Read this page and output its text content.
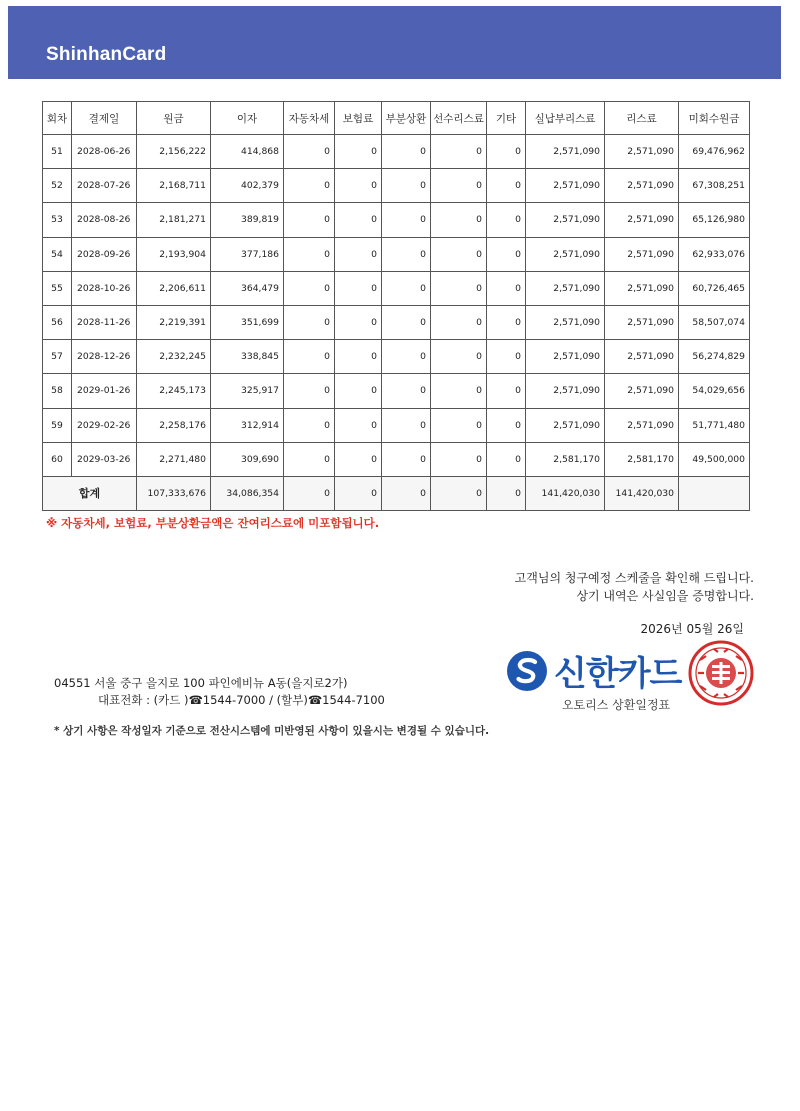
ShinhanCard
회차	결제일	원금	이자	자동차세	보험료	부분상환	선수리스료	기타	실납부리스료	리스료	미회수원금
51	2028-06-26	2,156,222	414,868	0	0	0	0	0	2,571,090	2,571,090	69,476,962
52	2028-07-26	2,168,711	402,379	0	0	0	0	0	2,571,090	2,571,090	67,308,251
53	2028-08-26	2,181,271	389,819	0	0	0	0	0	2,571,090	2,571,090	65,126,980
54	2028-09-26	2,193,904	377,186	0	0	0	0	0	2,571,090	2,571,090	62,933,076
55	2028-10-26	2,206,611	364,479	0	0	0	0	0	2,571,090	2,571,090	60,726,465
56	2028-11-26	2,219,391	351,699	0	0	0	0	0	2,571,090	2,571,090	58,507,074
57	2028-12-26	2,232,245	338,845	0	0	0	0	0	2,571,090	2,571,090	56,274,829
58	2029-01-26	2,245,173	325,917	0	0	0	0	0	2,571,090	2,571,090	54,029,656
59	2029-02-26	2,258,176	312,914	0	0	0	0	0	2,571,090	2,571,090	51,771,480
60	2029-03-26	2,271,480	309,690	0	0	0	0	0	2,581,170	2,581,170	49,500,000
합계		107,333,676	34,086,354	0	0	0	0	0	141,420,030	141,420,030	
※ 자동차세, 보험료, 부분상환금액은 잔여리스료에 미포함됩니다.
고객님의 청구예정 스케줄을 확인해 드립니다.
상기 내역은 사실임을 증명합니다.
2026년 05월 26일
신한카드
오토리스 상환일정표
04551 서울 중구 을지로 100 파인에비뉴 A동(을지로2가)
대표전화 : (카드 )☎1544-7000 / (할부)☎1544-7100
* 상기 사항은 작성일자 기준으로 전산시스템에 미반영된 사항이 있을시는 변경될 수 있습니다.
